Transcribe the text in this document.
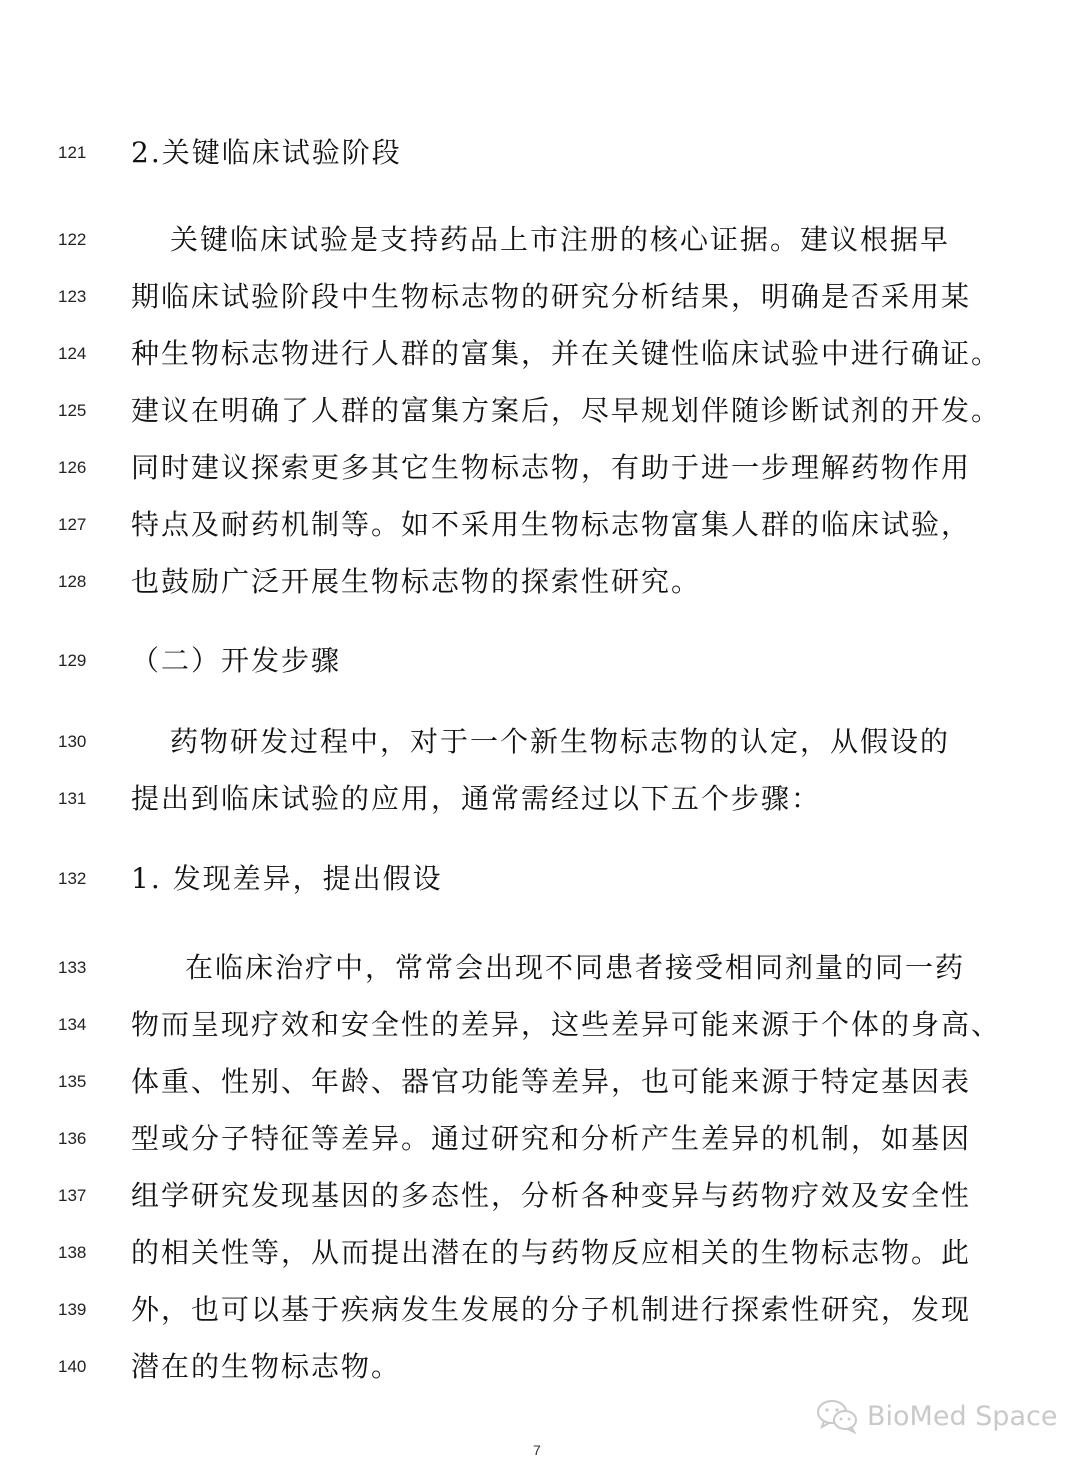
121	2.关键临床试验阶段
122	关键临床试验是支持药品上市注册的核心证据。建议根据早
123	期临床试验阶段中生物标志物的研究分析结果，明确是否采用某
124	种生物标志物进行人群的富集，并在关键性临床试验中进行确证。
125	建议在明确了人群的富集方案后，尽早规划伴随诊断试剂的开发。
126	同时建议探索更多其它生物标志物，有助于进一步理解药物作用
127	特点及耐药机制等。如不采用生物标志物富集人群的临床试验，
128	也鼓励广泛开展生物标志物的探索性研究。
129	（二）开发步骤
130	药物研发过程中，对于一个新生物标志物的认定，从假设的
131	提出到临床试验的应用，通常需经过以下五个步骤：
132	1. 发现差异，提出假设
133	在临床治疗中，常常会出现不同患者接受相同剂量的同一药
134	物而呈现疗效和安全性的差异，这些差异可能来源于个体的身高、
135	体重、性别、年龄、器官功能等差异，也可能来源于特定基因表
136	型或分子特征等差异。通过研究和分析产生差异的机制，如基因
137	组学研究发现基因的多态性，分析各种变异与药物疗效及安全性
138	的相关性等，从而提出潜在的与药物反应相关的生物标志物。此
139	外，也可以基于疾病发生发展的分子机制进行探索性研究，发现
140	潜在的生物标志物。
7
BioMed Space
